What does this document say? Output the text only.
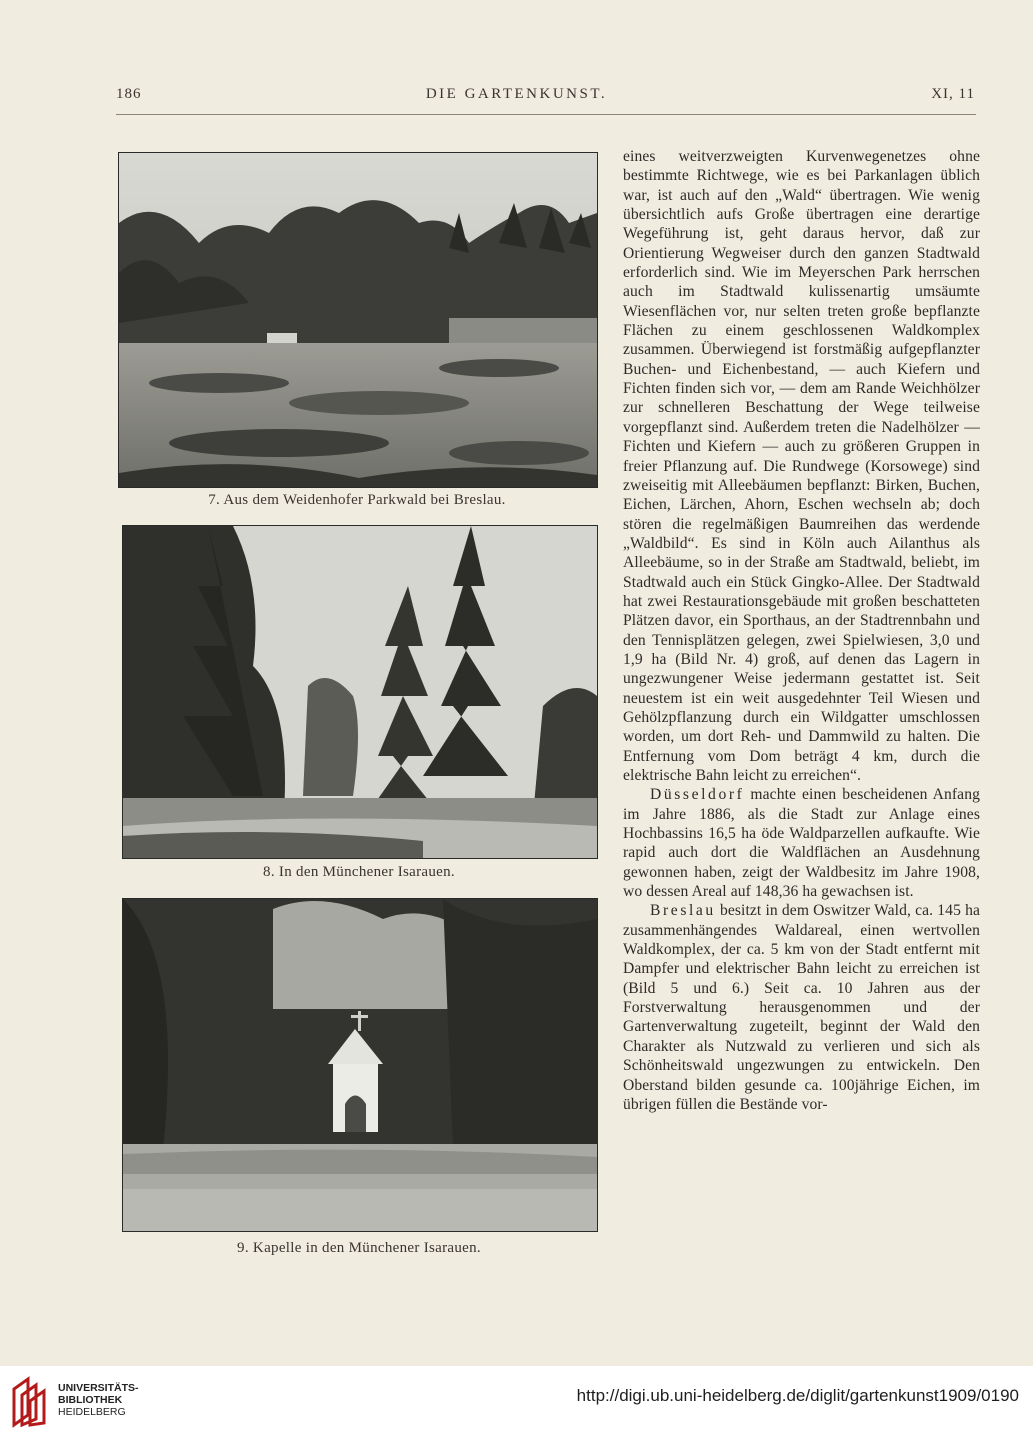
186	DIE GARTENKUNST.	XI, 11
7. Aus dem Weidenhofer Parkwald bei Breslau.
8. In den Münchener Isarauen.
9. Kapelle in den Münchener Isarauen.

eines weitverzweigten Kurvenwegenetzes ohne bestimmte Richtwege, wie es bei Parkanlagen üblich war, ist auch auf den „Wald“ übertragen. Wie wenig übersichtlich aufs Große übertragen eine derartige Wegeführung ist, geht daraus hervor, daß zur Orientierung Wegweiser durch den ganzen Stadtwald erforderlich sind. Wie im Meyerschen Park herrschen auch im Stadtwald kulissenartig umsäumte Wiesenflächen vor, nur selten treten große bepflanzte Flächen zu einem geschlossenen Waldkomplex zusammen. Überwiegend ist forstmäßig aufgepflanzter Buchen- und Eichenbestand, — auch Kiefern und Fichten finden sich vor, — dem am Rande Weichhölzer zur schnelleren Beschattung der Wege teilweise vorgepflanzt sind. Außerdem treten die Nadelhölzer — Fichten und Kiefern — auch zu größeren Gruppen in freier Pflanzung auf. Die Rundwege (Korsowege) sind zweiseitig mit Alleebäumen bepflanzt: Birken, Buchen, Eichen, Lärchen, Ahorn, Eschen wechseln ab; doch stören die regelmäßigen Baumreihen das werdende „Waldbild“. Es sind in Köln auch Ailanthus als Alleebäume, so in der Straße am Stadtwald, beliebt, im Stadtwald auch ein Stück Gingko-Allee. Der Stadtwald hat zwei Restaurationsgebäude mit großen beschatteten Plätzen davor, ein Sporthaus, an der Stadtrennbahn und den Tennisplätzen gelegen, zwei Spielwiesen, 3,0 und 1,9 ha (Bild Nr. 4) groß, auf denen das Lagern in ungezwungener Weise jedermann gestattet ist. Seit neuestem ist ein weit ausgedehnter Teil Wiesen und Gehölzpflanzung durch ein Wildgatter umschlossen worden, um dort Reh- und Dammwild zu halten. Die Entfernung vom Dom beträgt 4 km, durch die elektrische Bahn leicht zu erreichen“.

Düsseldorf machte einen bescheidenen Anfang im Jahre 1886, als die Stadt zur Anlage eines Hochbassins 16,5 ha öde Waldparzellen aufkaufte. Wie rapid auch dort die Waldflächen an Ausdehnung gewonnen haben, zeigt der Waldbesitz im Jahre 1908, wo dessen Areal auf 148,36 ha gewachsen ist.

Breslau besitzt in dem Oswitzer Wald, ca. 145 ha zusammenhängendes Waldareal, einen wertvollen Waldkomplex, der ca. 5 km von der Stadt entfernt mit Dampfer und elektrischer Bahn leicht zu erreichen ist (Bild 5 und 6.) Seit ca. 10 Jahren aus der Forstverwaltung herausgenommen und der Gartenverwaltung zugeteilt, beginnt der Wald den Charakter als Nutzwald zu verlieren und sich als Schönheitswald ungezwungen zu entwickeln. Den Oberstand bilden gesunde ca. 100jährige Eichen, im übrigen füllen die Bestände vor-

UNIVERSITÄTS-
BIBLIOTHEK
HEIDELBERG
http://digi.ub.uni-heidelberg.de/diglit/gartenkunst1909/0190
